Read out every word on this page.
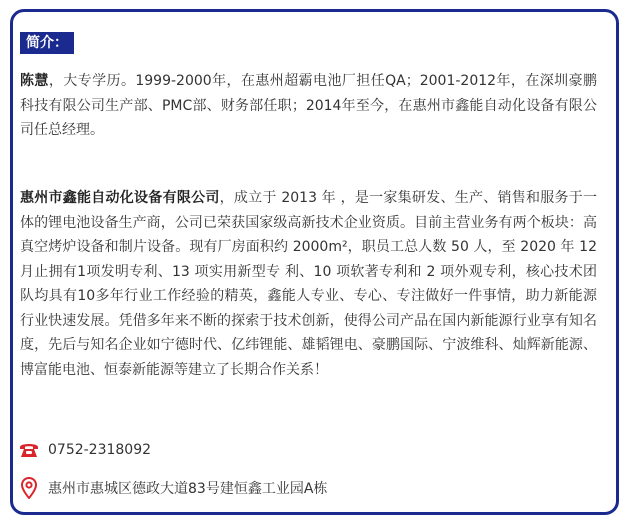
简介：

陈慧，大专学历。1999-2000年，在惠州超霸电池厂担任QA；2001-2012年，在深圳豪鹏科技有限公司生产部、PMC部、财务部任职；2014年至今，在惠州市鑫能自动化设备有限公司任总经理。

惠州市鑫能自动化设备有限公司，成立于 2013 年 ，是一家集研发、生产、销售和服务于一体的锂电池设备生产商，公司已荣获国家级高新技术企业资质。目前主营业务有两个板块：高真空烤炉设备和制片设备。现有厂房面积约 2000m²，职员工总人数 50 人，至 2020 年 12 月止拥有1项发明专利、13 项实用新型专 利、10 项软著专利和 2 项外观专利，核心技术团队均具有10多年行业工作经验的精英，鑫能人专业、专心、专注做好一件事情，助力新能源行业快速发展。凭借多年来不断的探索于技术创新，使得公司产品在国内新能源行业享有知名度，先后与知名企业如宁德时代、亿纬锂能、雄韬锂电、豪鹏国际、宁波维科、灿辉新能源、博富能电池、恒泰新能源等建立了长期合作关系！

0752-2318092
惠州市惠城区德政大道83号建恒鑫工业园A栋
